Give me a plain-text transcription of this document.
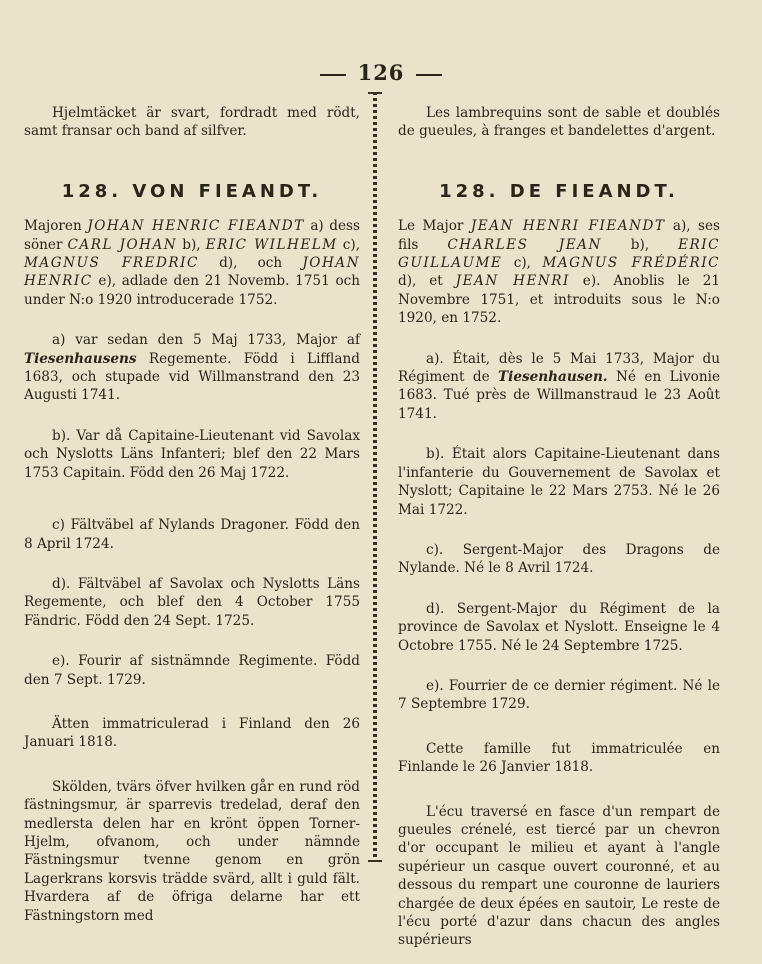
126

Hjelmtäcket är svart, fordradt med rödt, samt fransar och band af silfver.

128. VON FIEANDT.

Majoren JOHAN HENRIC FIEANDT a) dess söner CARL JOHAN b), ERIC WILHELM c), MAGNUS FREDRIC d), och JOHAN HENRIC e), adlade den 21 Novemb. 1751 och under N:o 1920 introducerade 1752.

a) var sedan den 5 Maj 1733, Major af Tiesenhausens Regemente. Född i Liffland 1683, och stupade vid Willmanstrand den 23 Augusti 1741.

b). Var då Capitaine-Lieutenant vid Savolax och Nyslotts Läns Infanteri; blef den 22 Mars 1753 Capitain. Född den 26 Maj 1722.

c) Fältväbel af Nylands Dragoner. Född den 8 April 1724.

d). Fältväbel af Savolax och Nyslotts Läns Regemente, och blef den 4 October 1755 Fändric. Född den 24 Sept. 1725.

e). Fourir af sistnämnde Regimente. Född den 7 Sept. 1729.

Ätten immatriculerad i Finland den 26 Januari 1818.

Skölden, tvärs öfver hvilken går en rund röd fästningsmur, är sparrevis tredelad, deraf den medlersta delen har en krönt öppen Torner-Hjelm, ofvanom, och under nämnde Fästningsmur tvenne genom en grön Lagerkrans korsvis trädde svärd, allt i guld fält. Hvardera af de öfriga delarne har ett Fästningstorn med

Les lambrequins sont de sable et doublés de gueules, à franges et bandelettes d'argent.

128. DE FIEANDT.

Le Major JEAN HENRI FIEANDT a), ses fils CHARLES JEAN b), ERIC GUILLAUME c), MAGNUS FRÉDÉRIC d), et JEAN HENRI e). Anoblis le 21 Novembre 1751, et introduits sous le N:o 1920, en 1752.

a). Était, dès le 5 Mai 1733, Major du Régiment de Tiesenhausen. Né en Livonie 1683. Tué près de Willmanstraud le 23 Août 1741.

b). Était alors Capitaine-Lieutenant dans l'infanterie du Gouvernement de Savolax et Nyslott; Capitaine le 22 Mars 2753. Né le 26 Mai 1722.

c). Sergent-Major des Dragons de Nylande. Né le 8 Avril 1724.

d). Sergent-Major du Régiment de la province de Savolax et Nyslott. Enseigne le 4 Octobre 1755. Né le 24 Septembre 1725.

e). Fourrier de ce dernier régiment. Né le 7 Septembre 1729.

Cette famille fut immatriculée en Finlande le 26 Janvier 1818.

L'écu traversé en fasce d'un rempart de gueules crénelé, est tiercé par un chevron d'or occupant le milieu et ayant à l'angle supérieur un casque ouvert couronné, et au dessous du rempart une couronne de lauriers chargée de deux épées en sautoir, Le reste de l'écu porté d'azur dans chacun des angles supérieurs
